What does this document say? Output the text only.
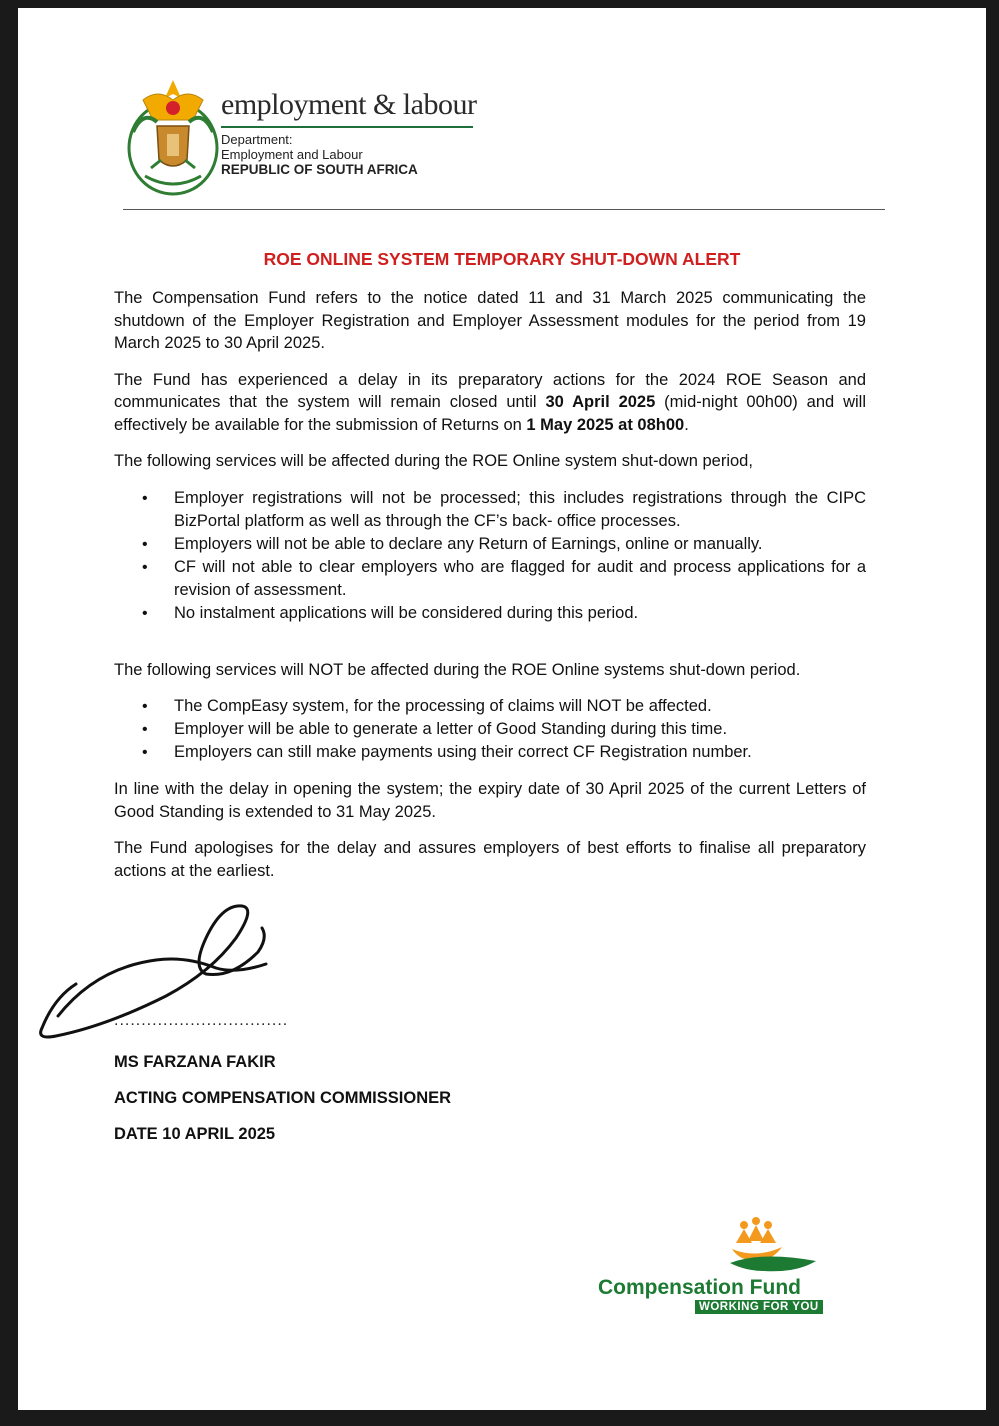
employment & labour
Department:
Employment and Labour
REPUBLIC OF SOUTH AFRICA
ROE ONLINE SYSTEM TEMPORARY SHUT-DOWN ALERT

The Compensation Fund refers to the notice dated 11 and 31 March 2025 communicating the shutdown of the Employer Registration and Employer Assessment modules for the period from 19 March 2025 to 30 April 2025.

The Fund has experienced a delay in its preparatory actions for the 2024 ROE Season and communicates that the system will remain closed until 30 April 2025 (mid-night 00h00) and will effectively be available for the submission of Returns on 1 May 2025 at 08h00.

The following services will be affected during the ROE Online system shut-down period,

• Employer registrations will not be processed; this includes registrations through the CIPC BizPortal platform as well as through the CF’s back- office processes.
• Employers will not be able to declare any Return of Earnings, online or manually.
• CF will not able to clear employers who are flagged for audit and process applications for a revision of assessment.
• No instalment applications will be considered during this period.

The following services will NOT be affected during the ROE Online systems shut-down period.

• The CompEasy system, for the processing of claims will NOT be affected.
• Employer will be able to generate a letter of Good Standing during this time.
• Employers can still make payments using their correct CF Registration number.

In line with the delay in opening the system; the expiry date of 30 April 2025 of the current Letters of Good Standing is extended to 31 May 2025.

The Fund apologises for the delay and assures employers of best efforts to finalise all preparatory actions at the earliest.

................................
MS FARZANA FAKIR
ACTING COMPENSATION COMMISSIONER
DATE 10 APRIL 2025
Compensation Fund
WORKING FOR YOU
